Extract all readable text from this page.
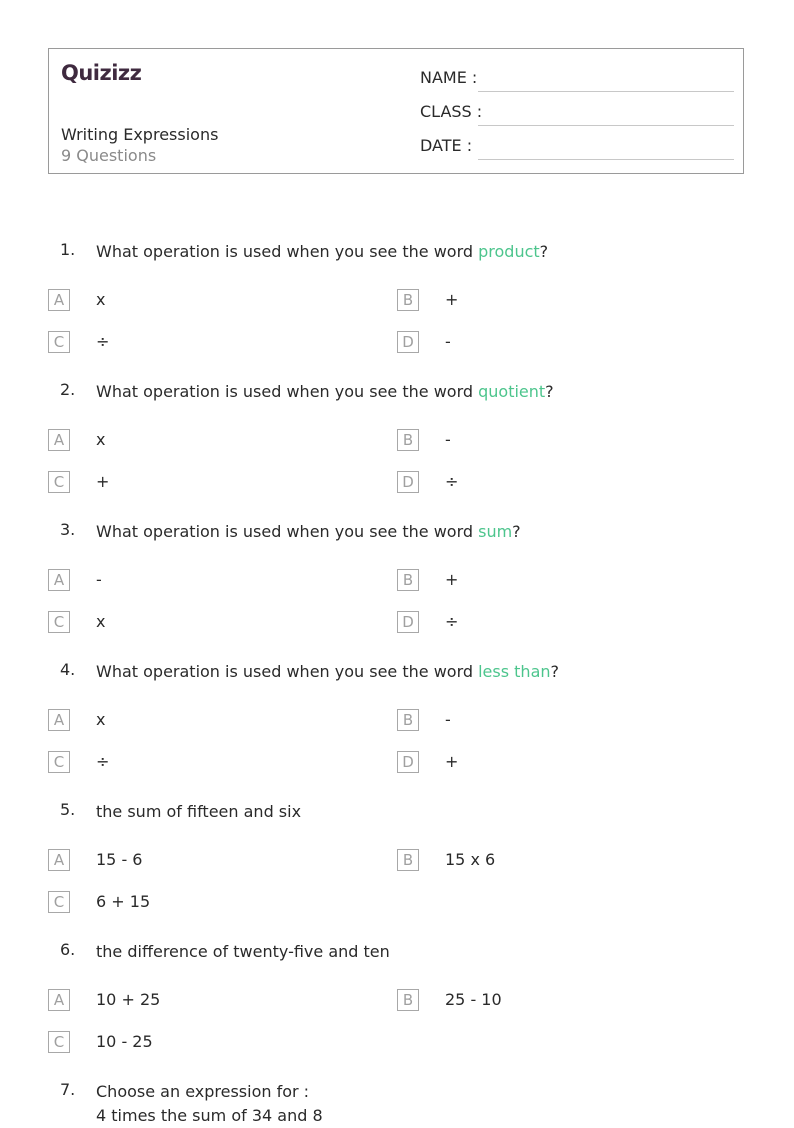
Quizizz
Writing Expressions
9 Questions
NAME :
CLASS :
DATE :
1. What operation is used when you see the word product?
A	x	B	+
C	÷	D	-
2. What operation is used when you see the word quotient?
A	x	B	-
C	+	D	÷
3. What operation is used when you see the word sum?
A	-	B	+
C	x	D	÷
4. What operation is used when you see the word less than?
A	x	B	-
C	÷	D	+
5. the sum of fifteen and six
A	15 - 6	B	15 x 6
C	6 + 15
6. the difference of twenty-five and ten
A	10 + 25	B	25 - 10
C	10 - 25
7. Choose an expression for :
4 times the sum of 34 and 8
